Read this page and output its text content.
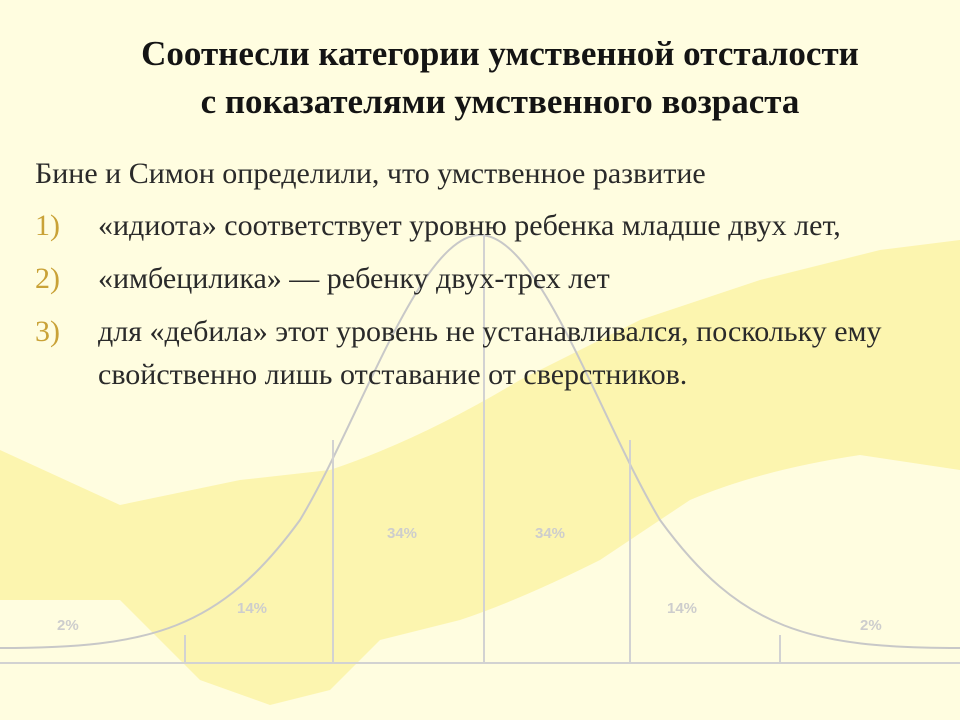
2%
14%
34%	34%
14%
2%
Соотнесли категории умственной отсталости
с показателями умственного возраста
Бине и Симон определили, что умственное развитие
1) «идиота» соответствует уровню ребенка младше двух лет,
2) «имбецилика» — ребенку двух-трех лет
3) для «дебила» этот уровень не устанавливался, поскольку ему свойственно лишь отставание от сверстников.
